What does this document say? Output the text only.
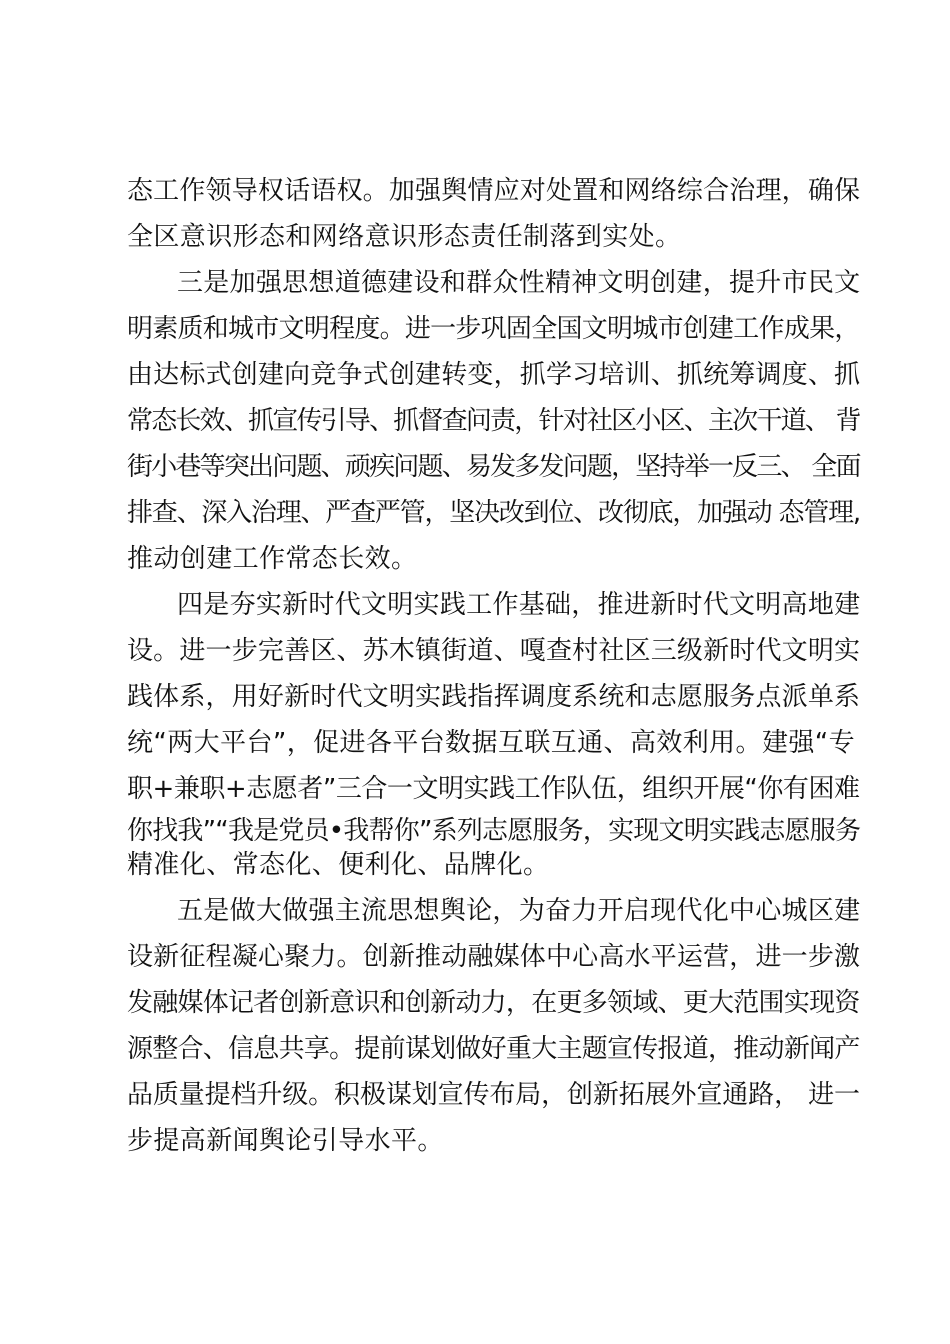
态工作领导权话语权。加强舆情应对处置和网络综合治理，确保

全区意识形态和网络意识形态责任制落到实处。

三是加强思想道德建设和群众性精神文明创建，提升市民文

明素质和城市文明程度。进一步巩固全国文明城市创建工作成果，

由达标式创建向竞争式创建转变，抓学习培训、抓统筹调度、抓

常态长效、抓宣传引导、抓督查问责，针对社区小区、主次干道、 背

街小巷等突出问题、顽疾问题、易发多发问题，坚持举一反三、 全面

排查、深入治理、严查严管，坚决改到位、改彻底，加强动 态管理,

推动创建工作常态长效。

四是夯实新时代文明实践工作基础，推进新时代文明高地建

设。进一步完善区、苏木镇街道、嘎查村社区三级新时代文明实

践体系，用好新时代文明实践指挥调度系统和志愿服务点派单系

统“两大平台”，促进各平台数据互联互通、高效利用。建强“专

职+兼职+志愿者”三合一文明实践工作队伍，组织开展“你有困难

你找我”“我是党员•我帮你”系列志愿服务，实现文明实践志愿服务

精准化、常态化、便利化、品牌化。

五是做大做强主流思想舆论，为奋力开启现代化中心城区建

设新征程凝心聚力。创新推动融媒体中心高水平运营，进一步激

发融媒体记者创新意识和创新动力，在更多领域、更大范围实现资

源整合、信息共享。提前谋划做好重大主题宣传报道，推动新闻产

品质量提档升级。积极谋划宣传布局，创新拓展外宣通路， 进一

步提高新闻舆论引导水平。
